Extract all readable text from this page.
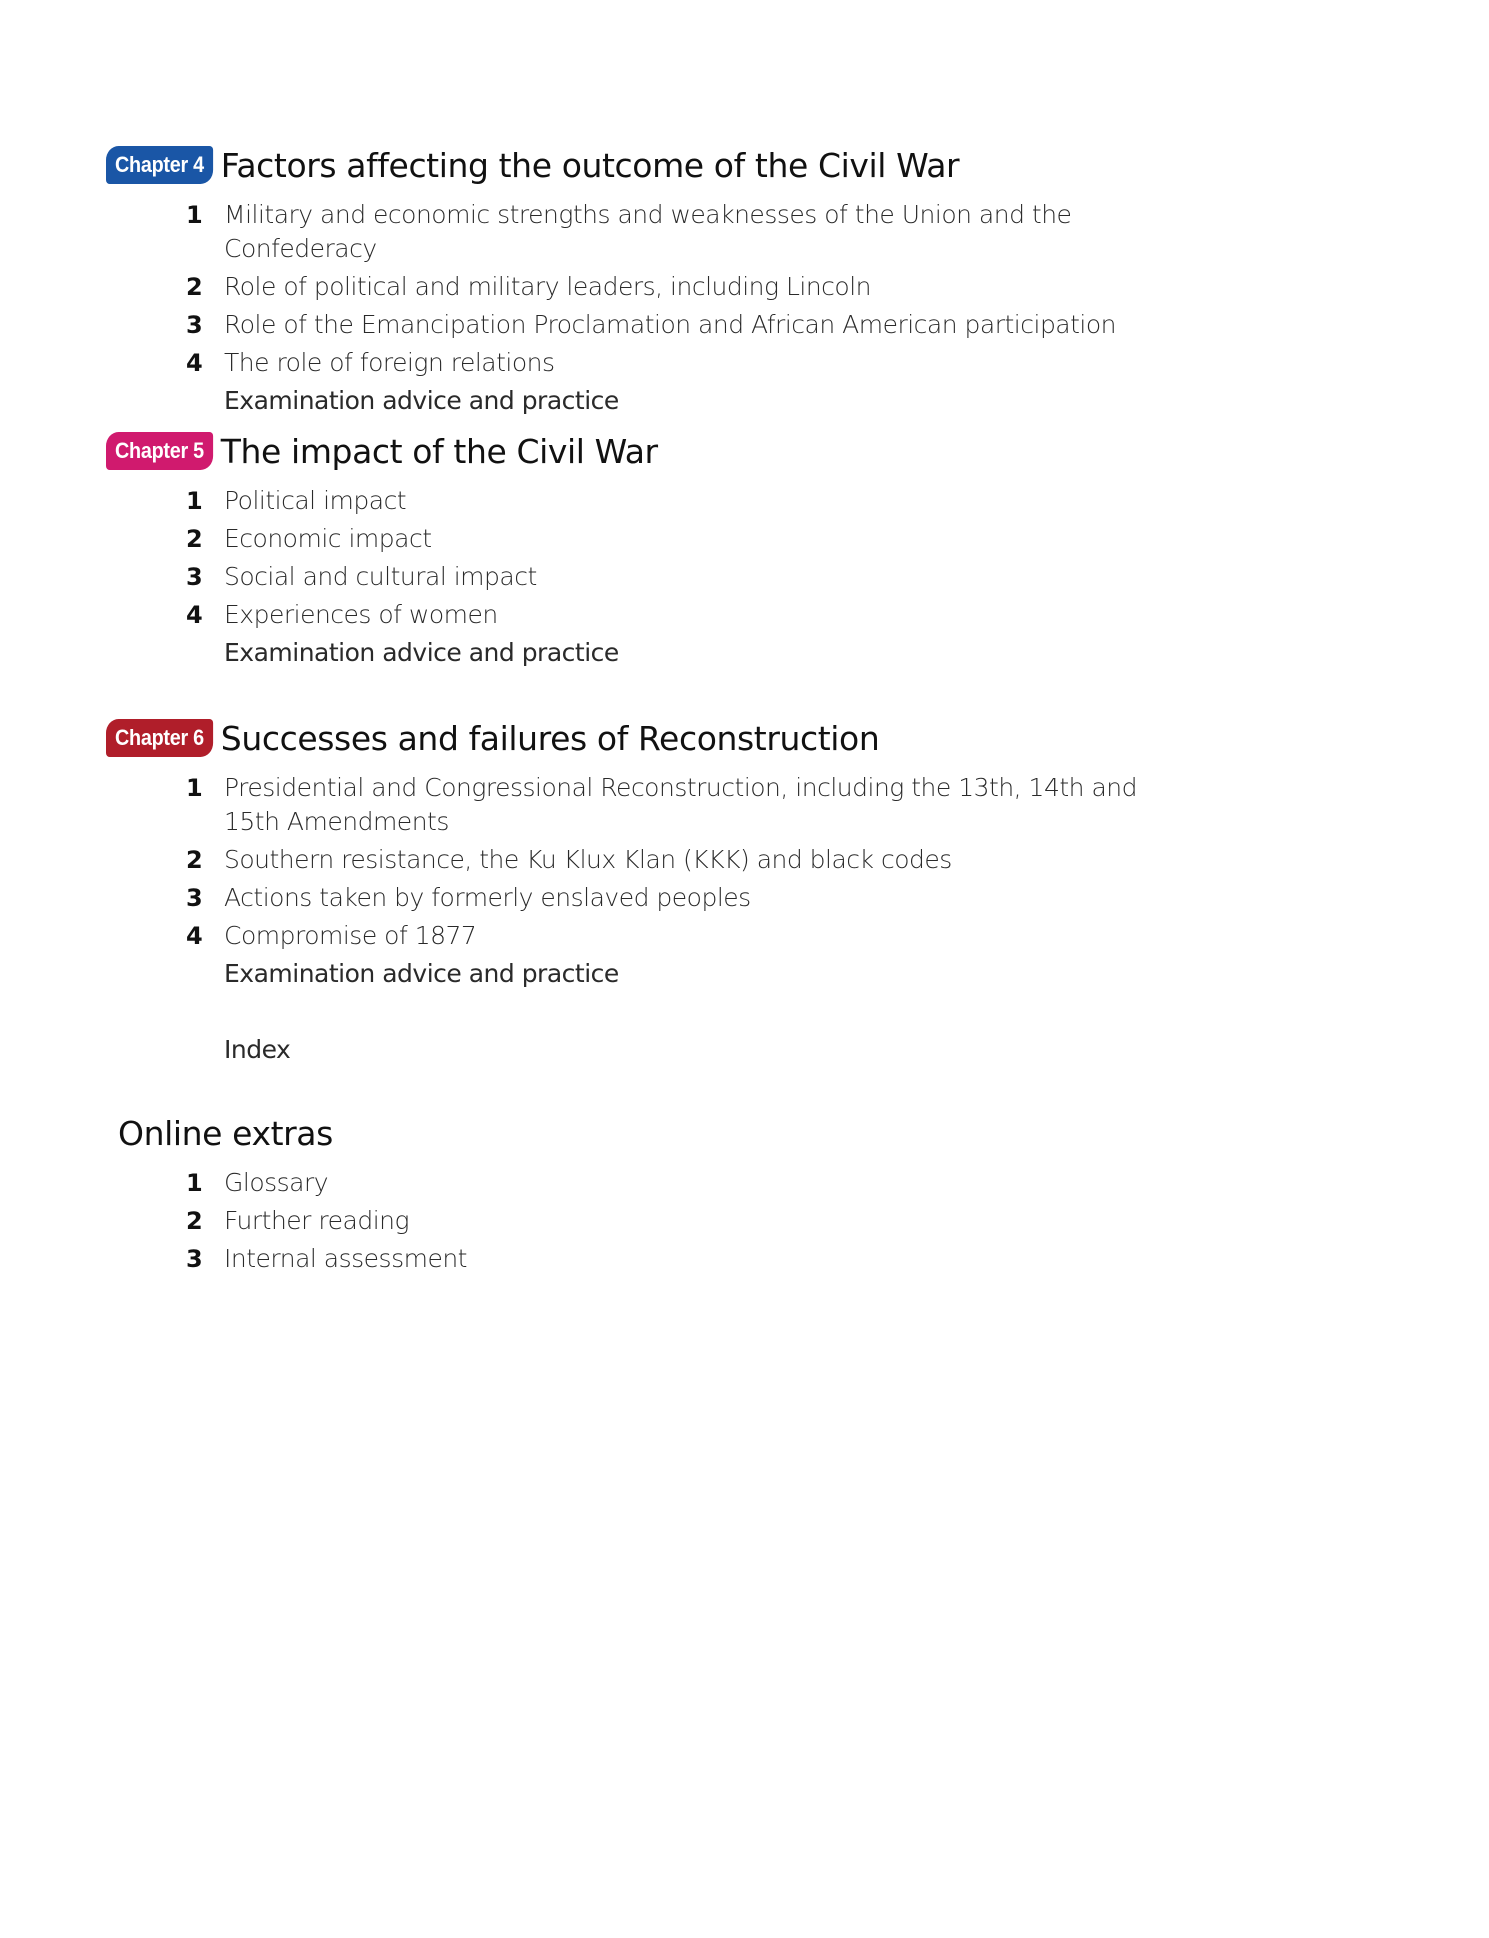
Chapter 4 Factors affecting the outcome of the Civil War
1 Military and economic strengths and weaknesses of the Union and the Confederacy
2 Role of political and military leaders, including Lincoln
3 Role of the Emancipation Proclamation and African American participation
4 The role of foreign relations
Examination advice and practice
Chapter 5 The impact of the Civil War
1 Political impact
2 Economic impact
3 Social and cultural impact
4 Experiences of women
Examination advice and practice
Chapter 6 Successes and failures of Reconstruction
1 Presidential and Congressional Reconstruction, including the 13th, 14th and 15th Amendments
2 Southern resistance, the Ku Klux Klan (KKK) and black codes
3 Actions taken by formerly enslaved peoples
4 Compromise of 1877
Examination advice and practice
Index
Online extras
1 Glossary
2 Further reading
3 Internal assessment
